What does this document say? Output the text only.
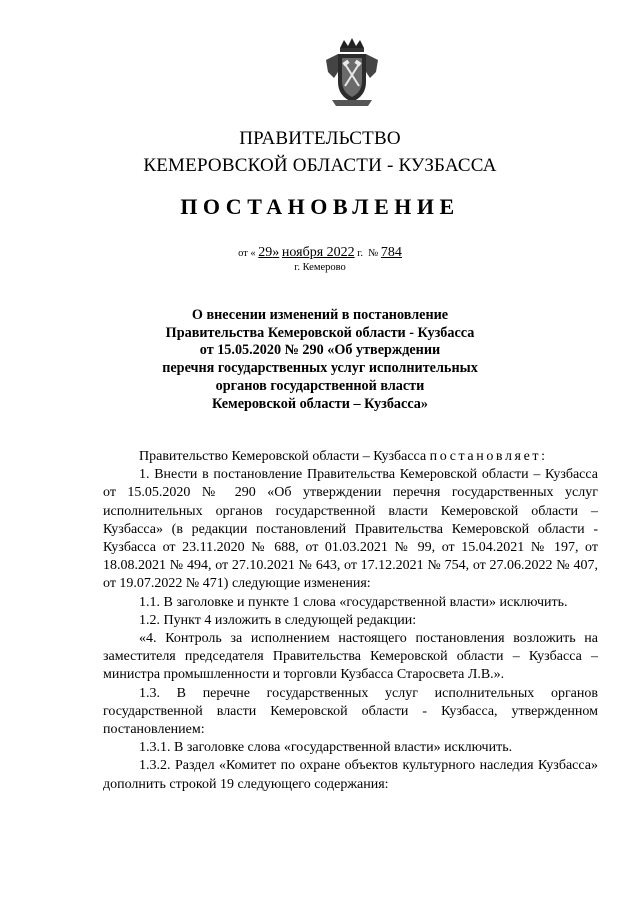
ПРАВИТЕЛЬСТВО
КЕМЕРОВСКОЙ ОБЛАСТИ - КУЗБАССА
ПОСТАНОВЛЕНИЕ
от « 29» ноября 2022 г. № 784
г. Кемерово
О внесении изменений в постановление
Правительства Кемеровской области - Кузбасса
от 15.05.2020 № 290 «Об утверждении
перечня государственных услуг исполнительных
органов государственной власти
Кемеровской области – Кузбасса»

Правительство Кемеровской области – Кузбасса постановляет:

1. Внести в постановление Правительства Кемеровской области – Кузбасса от 15.05.2020 № 290 «Об утверждении перечня государственных услуг исполнительных органов государственной власти Кемеровской области – Кузбасса» (в редакции постановлений Правительства Кемеровской области - Кузбасса от 23.11.2020 № 688, от 01.03.2021 № 99, от 15.04.2021 № 197, от 18.08.2021 № 494, от 27.10.2021 № 643, от 17.12.2021 № 754, от 27.06.2022 № 407, от 19.07.2022 № 471) следующие изменения:

1.1. В заголовке и пункте 1 слова «государственной власти» исключить.

1.2. Пункт 4 изложить в следующей редакции:

«4. Контроль за исполнением настоящего постановления возложить на заместителя председателя Правительства Кемеровской области – Кузбасса – министра промышленности и торговли Кузбасса Старосвета Л.В.».

1.3. В перечне государственных услуг исполнительных органов государственной власти Кемеровской области - Кузбасса, утвержденном постановлением:

1.3.1. В заголовке слова «государственной власти» исключить.

1.3.2. Раздел «Комитет по охране объектов культурного наследия Кузбасса» дополнить строкой 19 следующего содержания:
